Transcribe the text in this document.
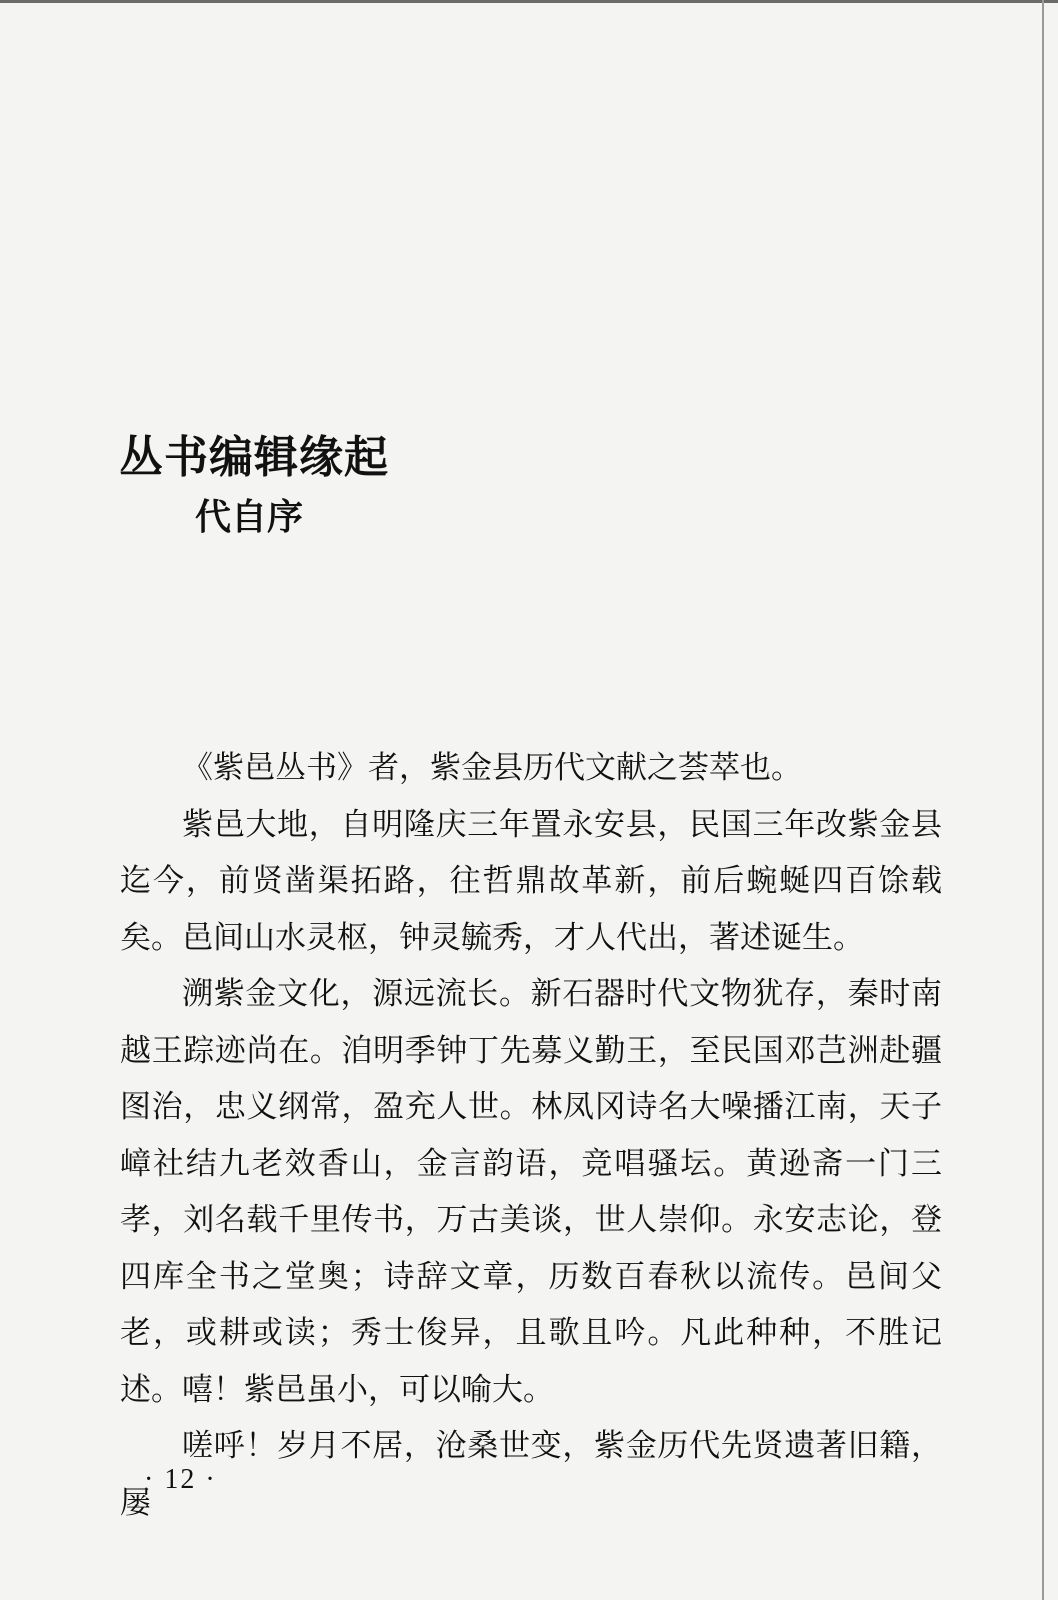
丛书编辑缘起
代自序

《紫邑丛书》者，紫金县历代文献之荟萃也。

紫邑大地，自明隆庆三年置永安县，民国三年改紫金县迄今，前贤凿渠拓路，往哲鼎故革新，前后蜿蜒四百馀载矣。邑间山水灵枢，钟灵毓秀，才人代出，著述诞生。

溯紫金文化，源远流长。新石器时代文物犹存，秦时南越王踪迹尚在。洎明季钟丁先募义勤王，至民国邓芑洲赴疆图治，忠义纲常，盈充人世。林凤冈诗名大噪播江南，天子嶂社结九老效香山，金言韵语，竞唱骚坛。黄逊斋一门三孝，刘名载千里传书，万古美谈，世人崇仰。永安志论，登四库全书之堂奥；诗辞文章，历数百春秋以流传。邑间父老，或耕或读；秀士俊异，且歌且吟。凡此种种，不胜记述。嘻！紫邑虽小，可以喻大。

嗟呼！岁月不居，沧桑世变，紫金历代先贤遗著旧籍，屡

· 12 ·
